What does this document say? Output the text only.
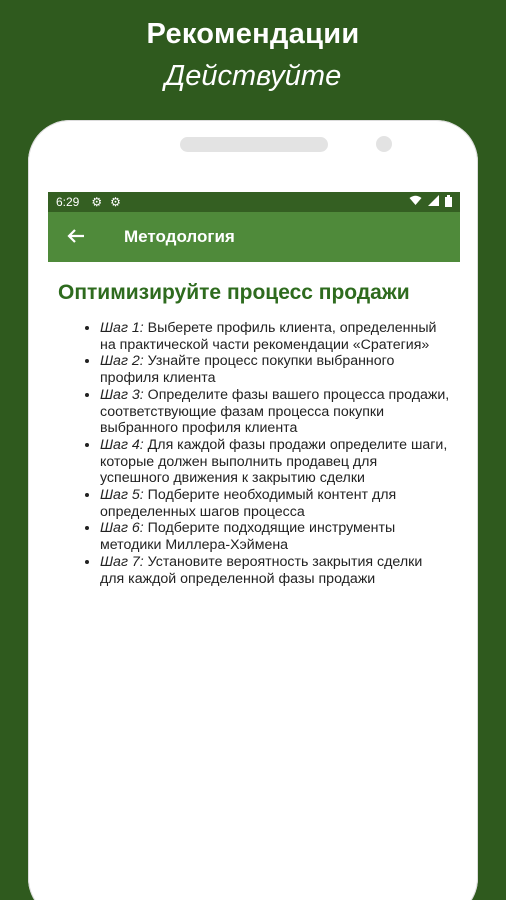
Рекомендации
Действуйте
6:29 ⚙ ⚙
Методология
Оптимизируйте процесс продажи
• Шаг 1: Выберете профиль клиента, определенный на практической части рекомендации «Сратегия»
• Шаг 2: Узнайте процесс покупки выбранного профиля клиента
• Шаг 3: Определите фазы вашего процесса продажи, соответствующие фазам процесса покупки выбранного профиля клиента
• Шаг 4: Для каждой фазы продажи определите шаги, которые должен выполнить продавец для успешного движения к закрытию сделки
• Шаг 5: Подберите необходимый контент для определенных шагов процесса
• Шаг 6: Подберите подходящие инструменты методики Миллера-Хэймена
• Шаг 7: Установите вероятность закрытия сделки для каждой определенной фазы продажи
